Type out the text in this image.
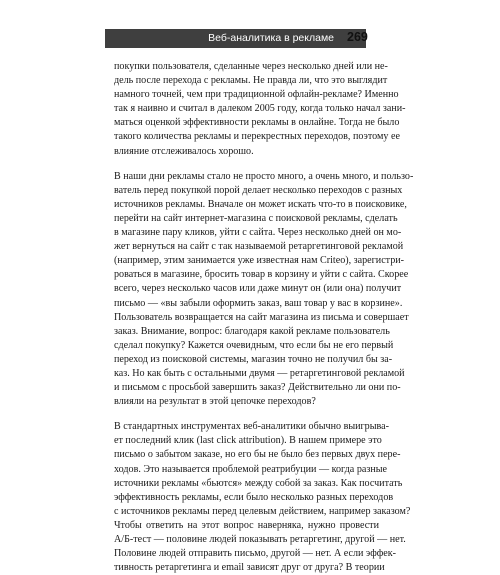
Веб-аналитика в рекламе 269
покупки пользователя, сделанные через несколько дней или не-
дель после перехода с рекламы. Не правда ли, что это выглядит
намного точней, чем при традиционной офлайн-рекламе? Именно
так я наивно и считал в далеком 2005 году, когда только начал зани-
маться оценкой эффективности рекламы в онлайне. Тогда не было
такого количества рекламы и перекрестных переходов, поэтому ее
влияние отслеживалось хорошо.
В наши дни рекламы стало не просто много, а очень много, и пользо-
ватель перед покупкой порой делает несколько переходов с разных
источников рекламы. Вначале он может искать что-то в поисковике,
перейти на сайт интернет-магазина с поисковой рекламы, сделать
в магазине пару кликов, уйти с сайта. Через несколько дней он мо-
жет вернуться на сайт с так называемой ретаргетинговой рекламой
(например, этим занимается уже известная нам Criteo), зарегистри-
роваться в магазине, бросить товар в корзину и уйти с сайта. Скорее
всего, через несколько часов или даже минут он (или она) получит
письмо — «вы забыли оформить заказ, ваш товар у вас в корзине».
Пользователь возвращается на сайт магазина из письма и совершает
заказ. Внимание, вопрос: благодаря какой рекламе пользователь
сделал покупку? Кажется очевидным, что если бы не его первый
переход из поисковой системы, магазин точно не получил бы за-
каз. Но как быть с остальными двумя — ретаргетинговой рекламой
и письмом с просьбой завершить заказ? Действительно ли они по-
влияли на результат в этой цепочке переходов?
В стандартных инструментах веб-аналитики обычно выигрыва-
ет последний клик (last click attribution). В нашем примере это
письмо о забытом заказе, но его бы не было без первых двух пере-
ходов. Это называется проблемой реатрибуции — когда разные
источники рекламы «бьются» между собой за заказ. Как посчитать
эффективность рекламы, если было несколько разных переходов
с источников рекламы перед целевым действием, например заказом?
Чтобы ответить на этот вопрос наверняка, нужно провести
А/Б-тест — половине людей показывать ретаргетинг, другой — нет.
Половине людей отправить письмо, другой — нет. А если эффек-
тивность ретаргетинга и email зависят друг от друга? В теории
